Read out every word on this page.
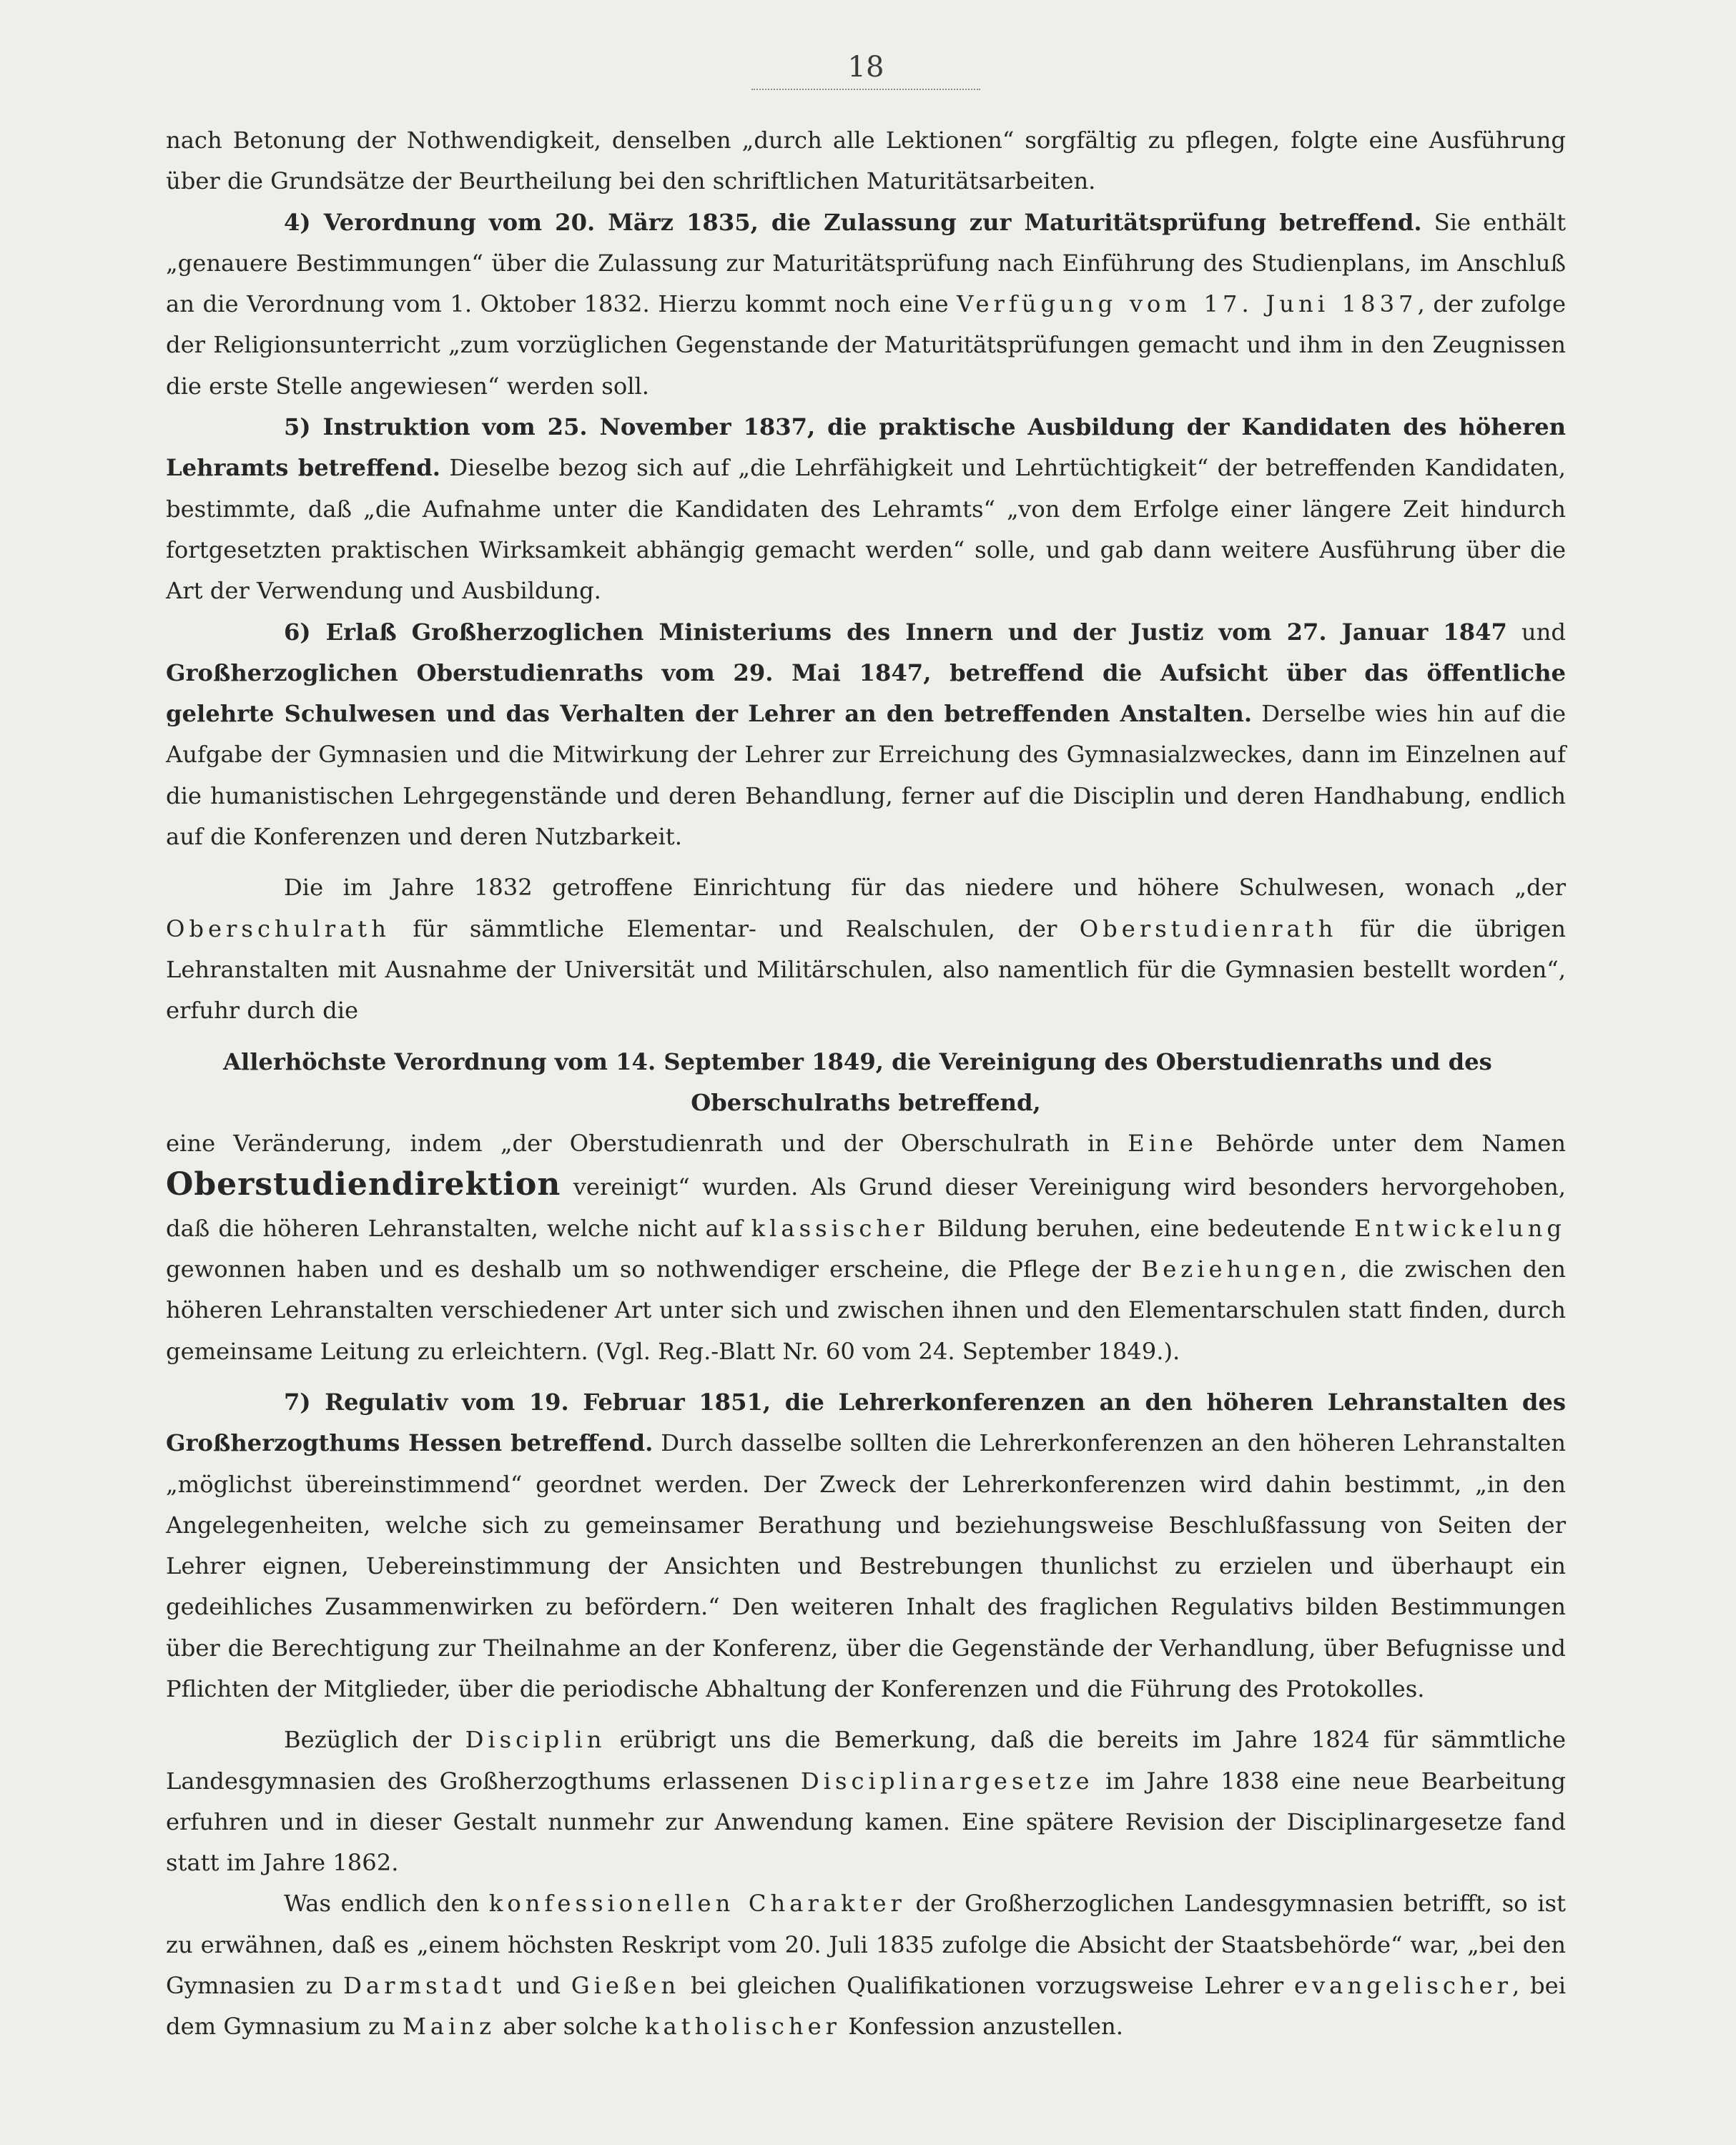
18

nach Betonung der Nothwendigkeit, denselben „durch alle Lektionen“ sorgfältig zu pflegen, folgte eine Ausführung über die Grundsätze der Beurtheilung bei den schriftlichen Maturitätsarbeiten.

4) Verordnung vom 20. März 1835, die Zulassung zur Maturitätsprüfung betreffend. Sie enthält „genauere Bestimmungen“ über die Zulassung zur Maturitätsprüfung nach Einführung des Studienplans, im Anschluß an die Verordnung vom 1. Oktober 1832. Hierzu kommt noch eine Verfügung vom 17. Juni 1837, der zufolge der Religionsunterricht „zum vorzüglichen Gegenstande der Maturitätsprüfungen gemacht und ihm in den Zeugnissen die erste Stelle angewiesen“ werden soll.

5) Instruktion vom 25. November 1837, die praktische Ausbildung der Kandidaten des höheren Lehramts betreffend. Dieselbe bezog sich auf „die Lehrfähigkeit und Lehrtüchtigkeit“ der betreffenden Kandidaten, bestimmte, daß „die Aufnahme unter die Kandidaten des Lehramts“ „von dem Erfolge einer längere Zeit hindurch fortgesetzten praktischen Wirksamkeit abhängig gemacht werden“ solle, und gab dann weitere Ausführung über die Art der Verwendung und Ausbildung.

6) Erlaß Großherzoglichen Ministeriums des Innern und der Justiz vom 27. Januar 1847 und Großherzoglichen Oberstudienraths vom 29. Mai 1847, betreffend die Aufsicht über das öffentliche gelehrte Schulwesen und das Verhalten der Lehrer an den betreffenden Anstalten. Derselbe wies hin auf die Aufgabe der Gymnasien und die Mitwirkung der Lehrer zur Erreichung des Gymnasialzweckes, dann im Einzelnen auf die humanistischen Lehrgegenstände und deren Behandlung, ferner auf die Disciplin und deren Handhabung, endlich auf die Konferenzen und deren Nutzbarkeit.

Die im Jahre 1832 getroffene Einrichtung für das niedere und höhere Schulwesen, wonach „der Oberschulrath für sämmtliche Elementar- und Realschulen, der Oberstudienrath für die übrigen Lehranstalten mit Ausnahme der Universität und Militärschulen, also namentlich für die Gymnasien bestellt worden“, erfuhr durch die

Allerhöchste Verordnung vom 14. September 1849, die Vereinigung des Oberstudienraths und des
Oberschulraths betreffend,

eine Veränderung, indem „der Oberstudienrath und der Oberschulrath in Eine Behörde unter dem Namen Oberstudiendirektion vereinigt“ wurden. Als Grund dieser Vereinigung wird besonders hervorgehoben, daß die höheren Lehranstalten, welche nicht auf klassischer Bildung beruhen, eine bedeutende Entwickelung gewonnen haben und es deshalb um so nothwendiger erscheine, die Pflege der Beziehungen, die zwischen den höheren Lehranstalten verschiedener Art unter sich und zwischen ihnen und den Elementarschulen statt finden, durch gemeinsame Leitung zu erleichtern. (Vgl. Reg.-Blatt Nr. 60 vom 24. September 1849.).

7) Regulativ vom 19. Februar 1851, die Lehrerkonferenzen an den höheren Lehranstalten des Großherzogthums Hessen betreffend. Durch dasselbe sollten die Lehrerkonferenzen an den höheren Lehranstalten „möglichst übereinstimmend“ geordnet werden. Der Zweck der Lehrerkonferenzen wird dahin bestimmt, „in den Angelegenheiten, welche sich zu gemeinsamer Berathung und beziehungsweise Beschlußfassung von Seiten der Lehrer eignen, Uebereinstimmung der Ansichten und Bestrebungen thunlichst zu erzielen und überhaupt ein gedeihliches Zusammenwirken zu befördern.“ Den weiteren Inhalt des fraglichen Regulativs bilden Bestimmungen über die Berechtigung zur Theilnahme an der Konferenz, über die Gegenstände der Verhandlung, über Befugnisse und Pflichten der Mitglieder, über die periodische Abhaltung der Konferenzen und die Führung des Protokolles.

Bezüglich der Disciplin erübrigt uns die Bemerkung, daß die bereits im Jahre 1824 für sämmtliche Landesgymnasien des Großherzogthums erlassenen Disciplinargesetze im Jahre 1838 eine neue Bearbeitung erfuhren und in dieser Gestalt nunmehr zur Anwendung kamen. Eine spätere Revision der Disciplinargesetze fand statt im Jahre 1862.

Was endlich den konfessionellen Charakter der Großherzoglichen Landesgymnasien betrifft, so ist zu erwähnen, daß es „einem höchsten Reskript vom 20. Juli 1835 zufolge die Absicht der Staatsbehörde“ war, „bei den Gymnasien zu Darmstadt und Gießen bei gleichen Qualifikationen vorzugsweise Lehrer evangelischer, bei dem Gymnasium zu Mainz aber solche katholischer Konfession anzustellen.
